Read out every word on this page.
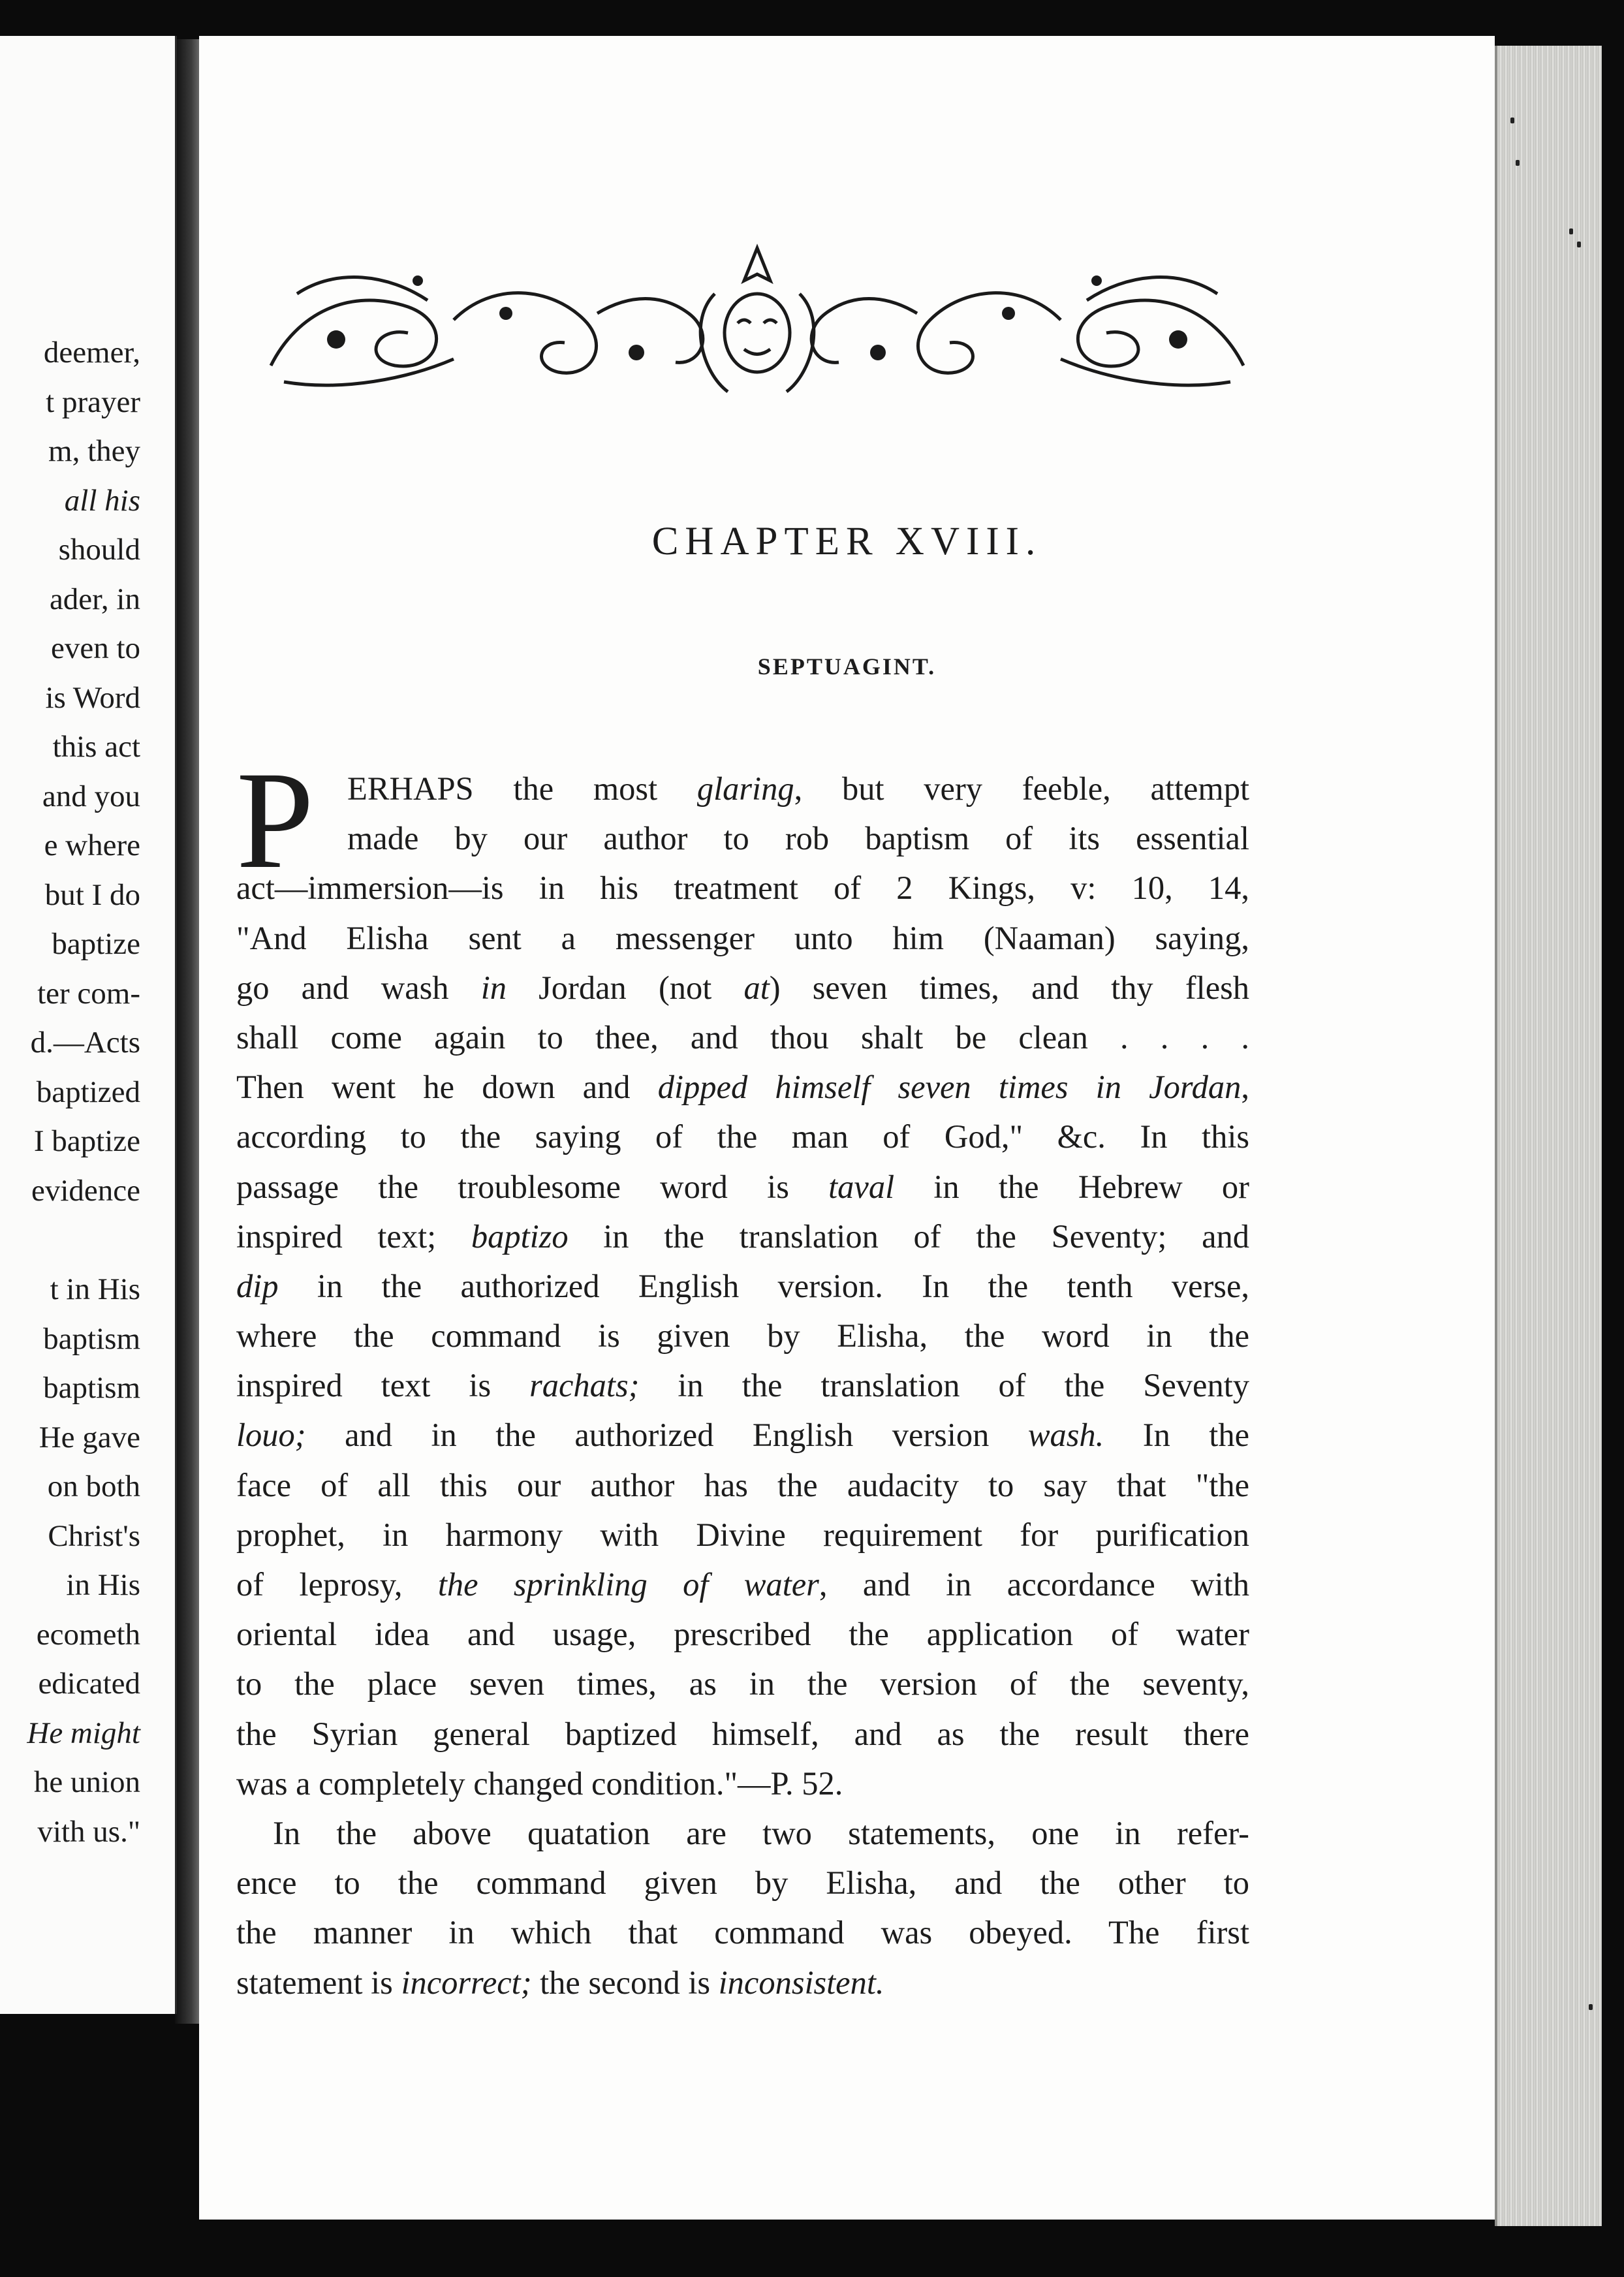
deemer,
t prayer
m, they
all his
should
ader, in
even to
is Word
this act
and you
e where
but I do
baptize
ter com-
d.—Acts
baptized
I baptize
evidence
t in His
baptism
baptism
He gave
on both
Christ's
in His
ecometh
edicated
He might
he union
vith us."
CHAPTER XVIII.
SEPTUAGINT.
P	ERHAPS the most glaring, but very feeble, attempt
made by our author to rob baptism of its essential
act—immersion—is in his treatment of 2 Kings, v: 10, 14,
"And Elisha sent a messenger unto him (Naaman) saying,
go and wash in Jordan (not at) seven times, and thy flesh
shall come again to thee, and thou shalt be clean . . . .
Then went he down and dipped himself seven times in Jordan,
according to the saying of the man of God," &c. In this
passage the troublesome word is taval in the Hebrew or
inspired text; baptizo in the translation of the Seventy; and
dip in the authorized English version. In the tenth verse,
where the command is given by Elisha, the word in the
inspired text is rachats; in the translation of the Seventy
louo; and in the authorized English version wash. In the
face of all this our author has the audacity to say that "the
prophet, in harmony with Divine requirement for purification
of leprosy, the sprinkling of water, and in accordance with
oriental idea and usage, prescribed the application of water
to the place seven times, as in the version of the seventy,
the Syrian general baptized himself, and as the result there
was a completely changed condition."—P. 52.
In the above quatation are two statements, one in refer-
ence to the command given by Elisha, and the other to
the manner in which that command was obeyed. The first
statement is incorrect; the second is inconsistent.
